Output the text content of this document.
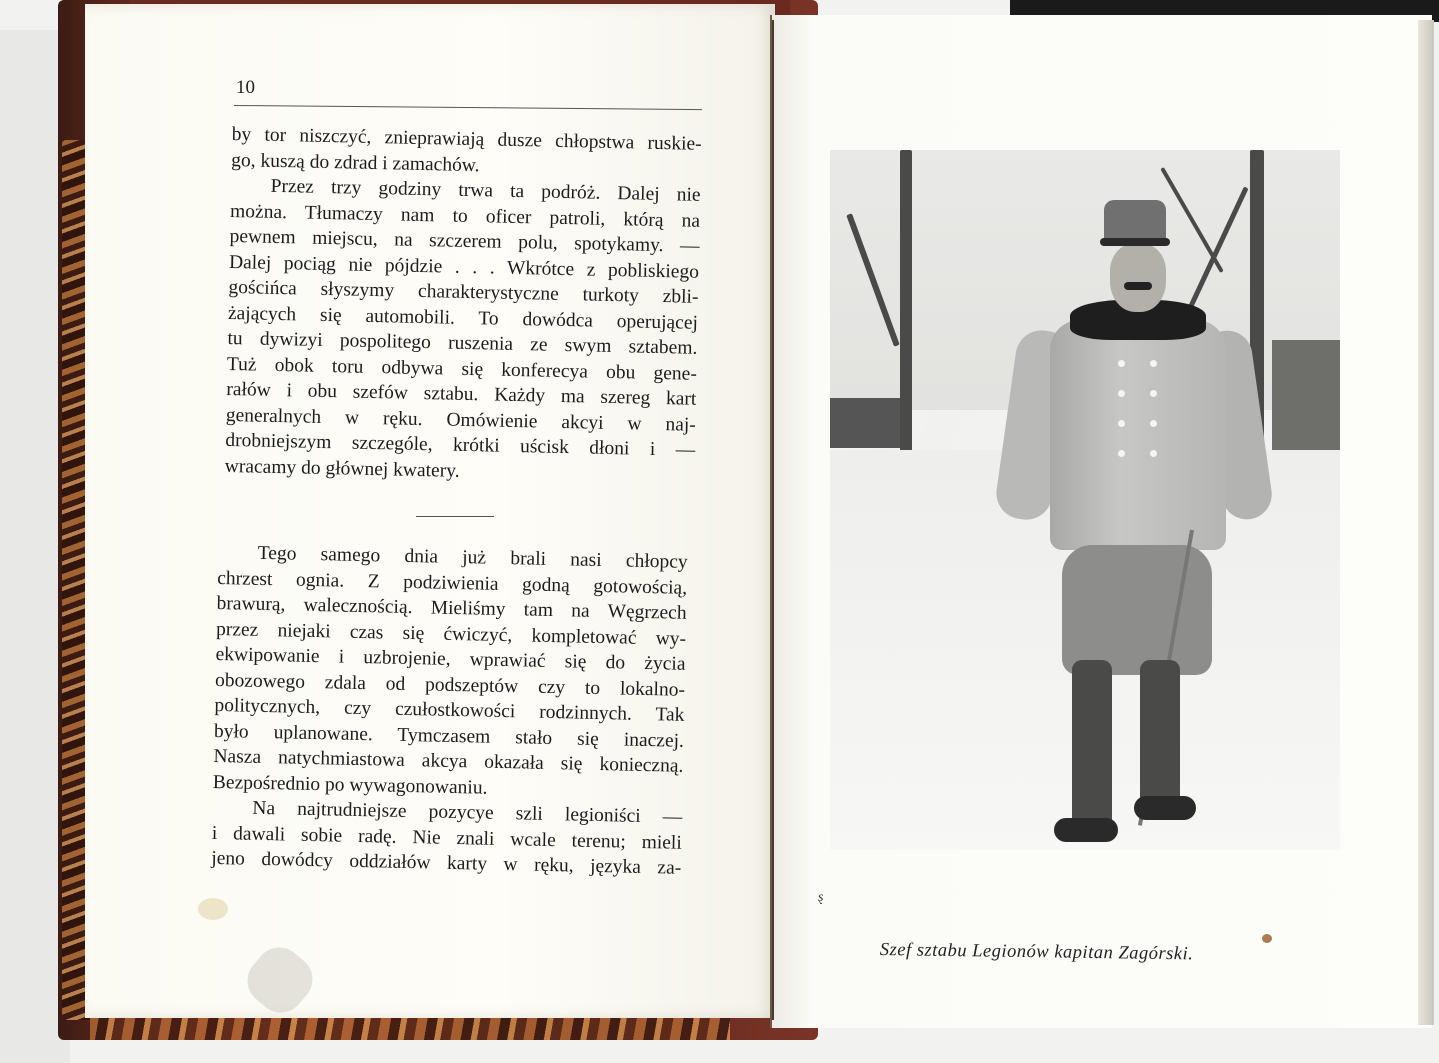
10

by tor niszczyć, znieprawiają dusze chłopstwa ruskie-

go, kuszą do zdrad i zamachów.

Przez trzy godziny trwa ta podróż. Dalej nie

można. Tłumaczy nam to oficer patroli, którą na

pewnem miejscu, na szczerem polu, spotykamy. —

Dalej pociąg nie pójdzie . . . Wkrótce z pobliskiego

gościńca słyszymy charakterystyczne turkoty zbli-

żających się automobili. To dowódca operującej

tu dywizyi pospolitego ruszenia ze swym sztabem.

Tuż obok toru odbywa się konferecya obu gene-

rałów i obu szefów sztabu. Każdy ma szereg kart

generalnych w ręku. Omówienie akcyi w naj-

drobniejszym szczególe, krótki uścisk dłoni i —

wracamy do głównej kwatery.

Tego samego dnia już brali nasi chłopcy

chrzest ognia. Z podziwienia godną gotowością,

brawurą, walecznością. Mieliśmy tam na Węgrzech

przez niejaki czas się ćwiczyć, kompletować wy-

ekwipowanie i uzbrojenie, wprawiać się do życia

obozowego zdala od podszeptów czy to lokalno-

politycznych, czy czułostkowości rodzinnych. Tak

było uplanowane. Tymczasem stało się inaczej.

Nasza natychmiastowa akcya okazała się konieczną.

Bezpośrednio po wywagonowaniu.

Na najtrudniejsze pozycye szli legioniści —

i dawali sobie radę. Nie znali wcale terenu; mieli

jeno dowódcy oddziałów karty w ręku, języka za-

ȿ
Szef sztabu Legionów kapitan Zagórski.
